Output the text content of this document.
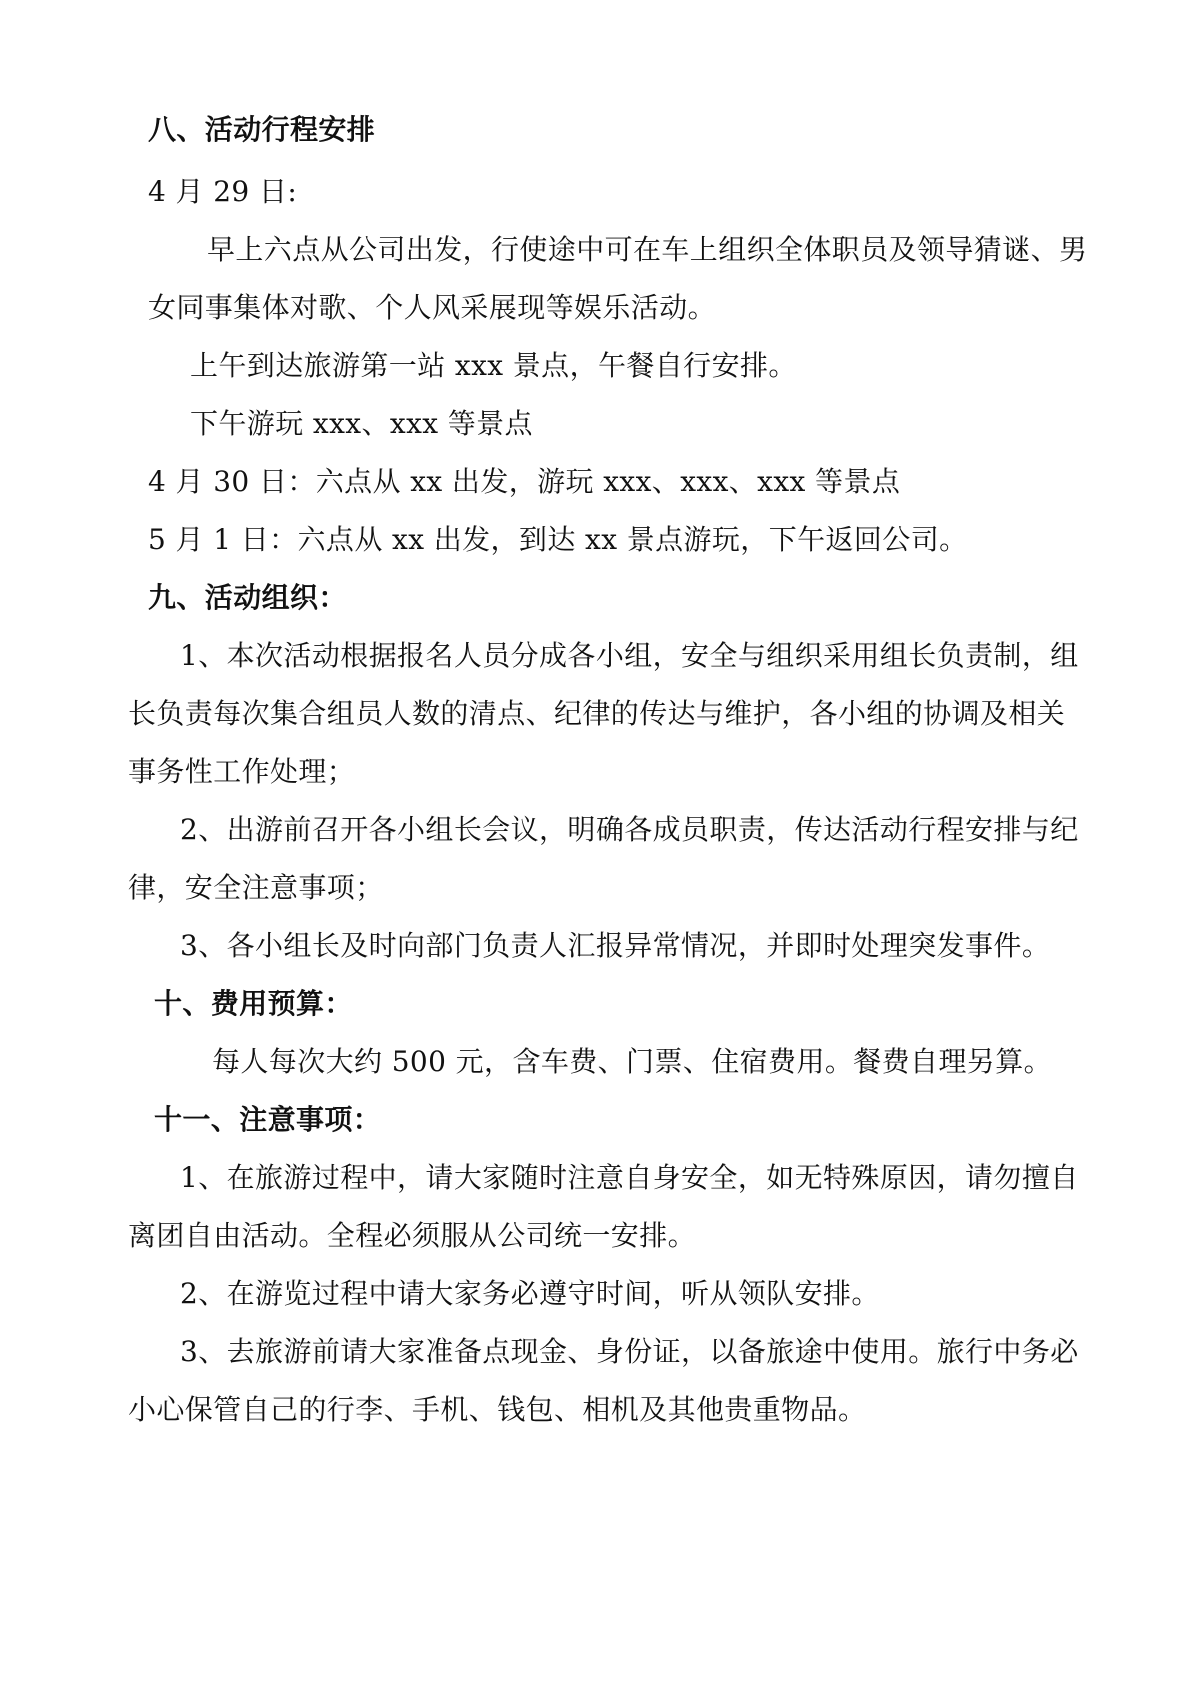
八、活动行程安排
4 月 29 日:
早上六点从公司出发，行使途中可在车上组织全体职员及领导猜谜、男
女同事集体对歌、个人风采展现等娱乐活动。
上午到达旅游第一站 xxx 景点，午餐自行安排。
下午游玩 xxx、xxx 等景点
4 月 30 日：六点从 xx 出发，游玩 xxx、xxx、xxx 等景点
5 月 1 日：六点从 xx 出发，到达 xx 景点游玩，下午返回公司。
九、活动组织：
1、本次活动根据报名人员分成各小组，安全与组织采用组长负责制，组
长负责每次集合组员人数的清点、纪律的传达与维护，各小组的协调及相关
事务性工作处理；
2、出游前召开各小组长会议，明确各成员职责，传达活动行程安排与纪
律，安全注意事项；
3、各小组长及时向部门负责人汇报异常情况，并即时处理突发事件。
十、费用预算：
每人每次大约 500 元，含车费、门票、住宿费用。餐费自理另算。
十一、注意事项：
1、在旅游过程中，请大家随时注意自身安全，如无特殊原因，请勿擅自
离团自由活动。全程必须服从公司统一安排。
2、在游览过程中请大家务必遵守时间，听从领队安排。
3、去旅游前请大家准备点现金、身份证，以备旅途中使用。旅行中务必
小心保管自己的行李、手机、钱包、相机及其他贵重物品。
